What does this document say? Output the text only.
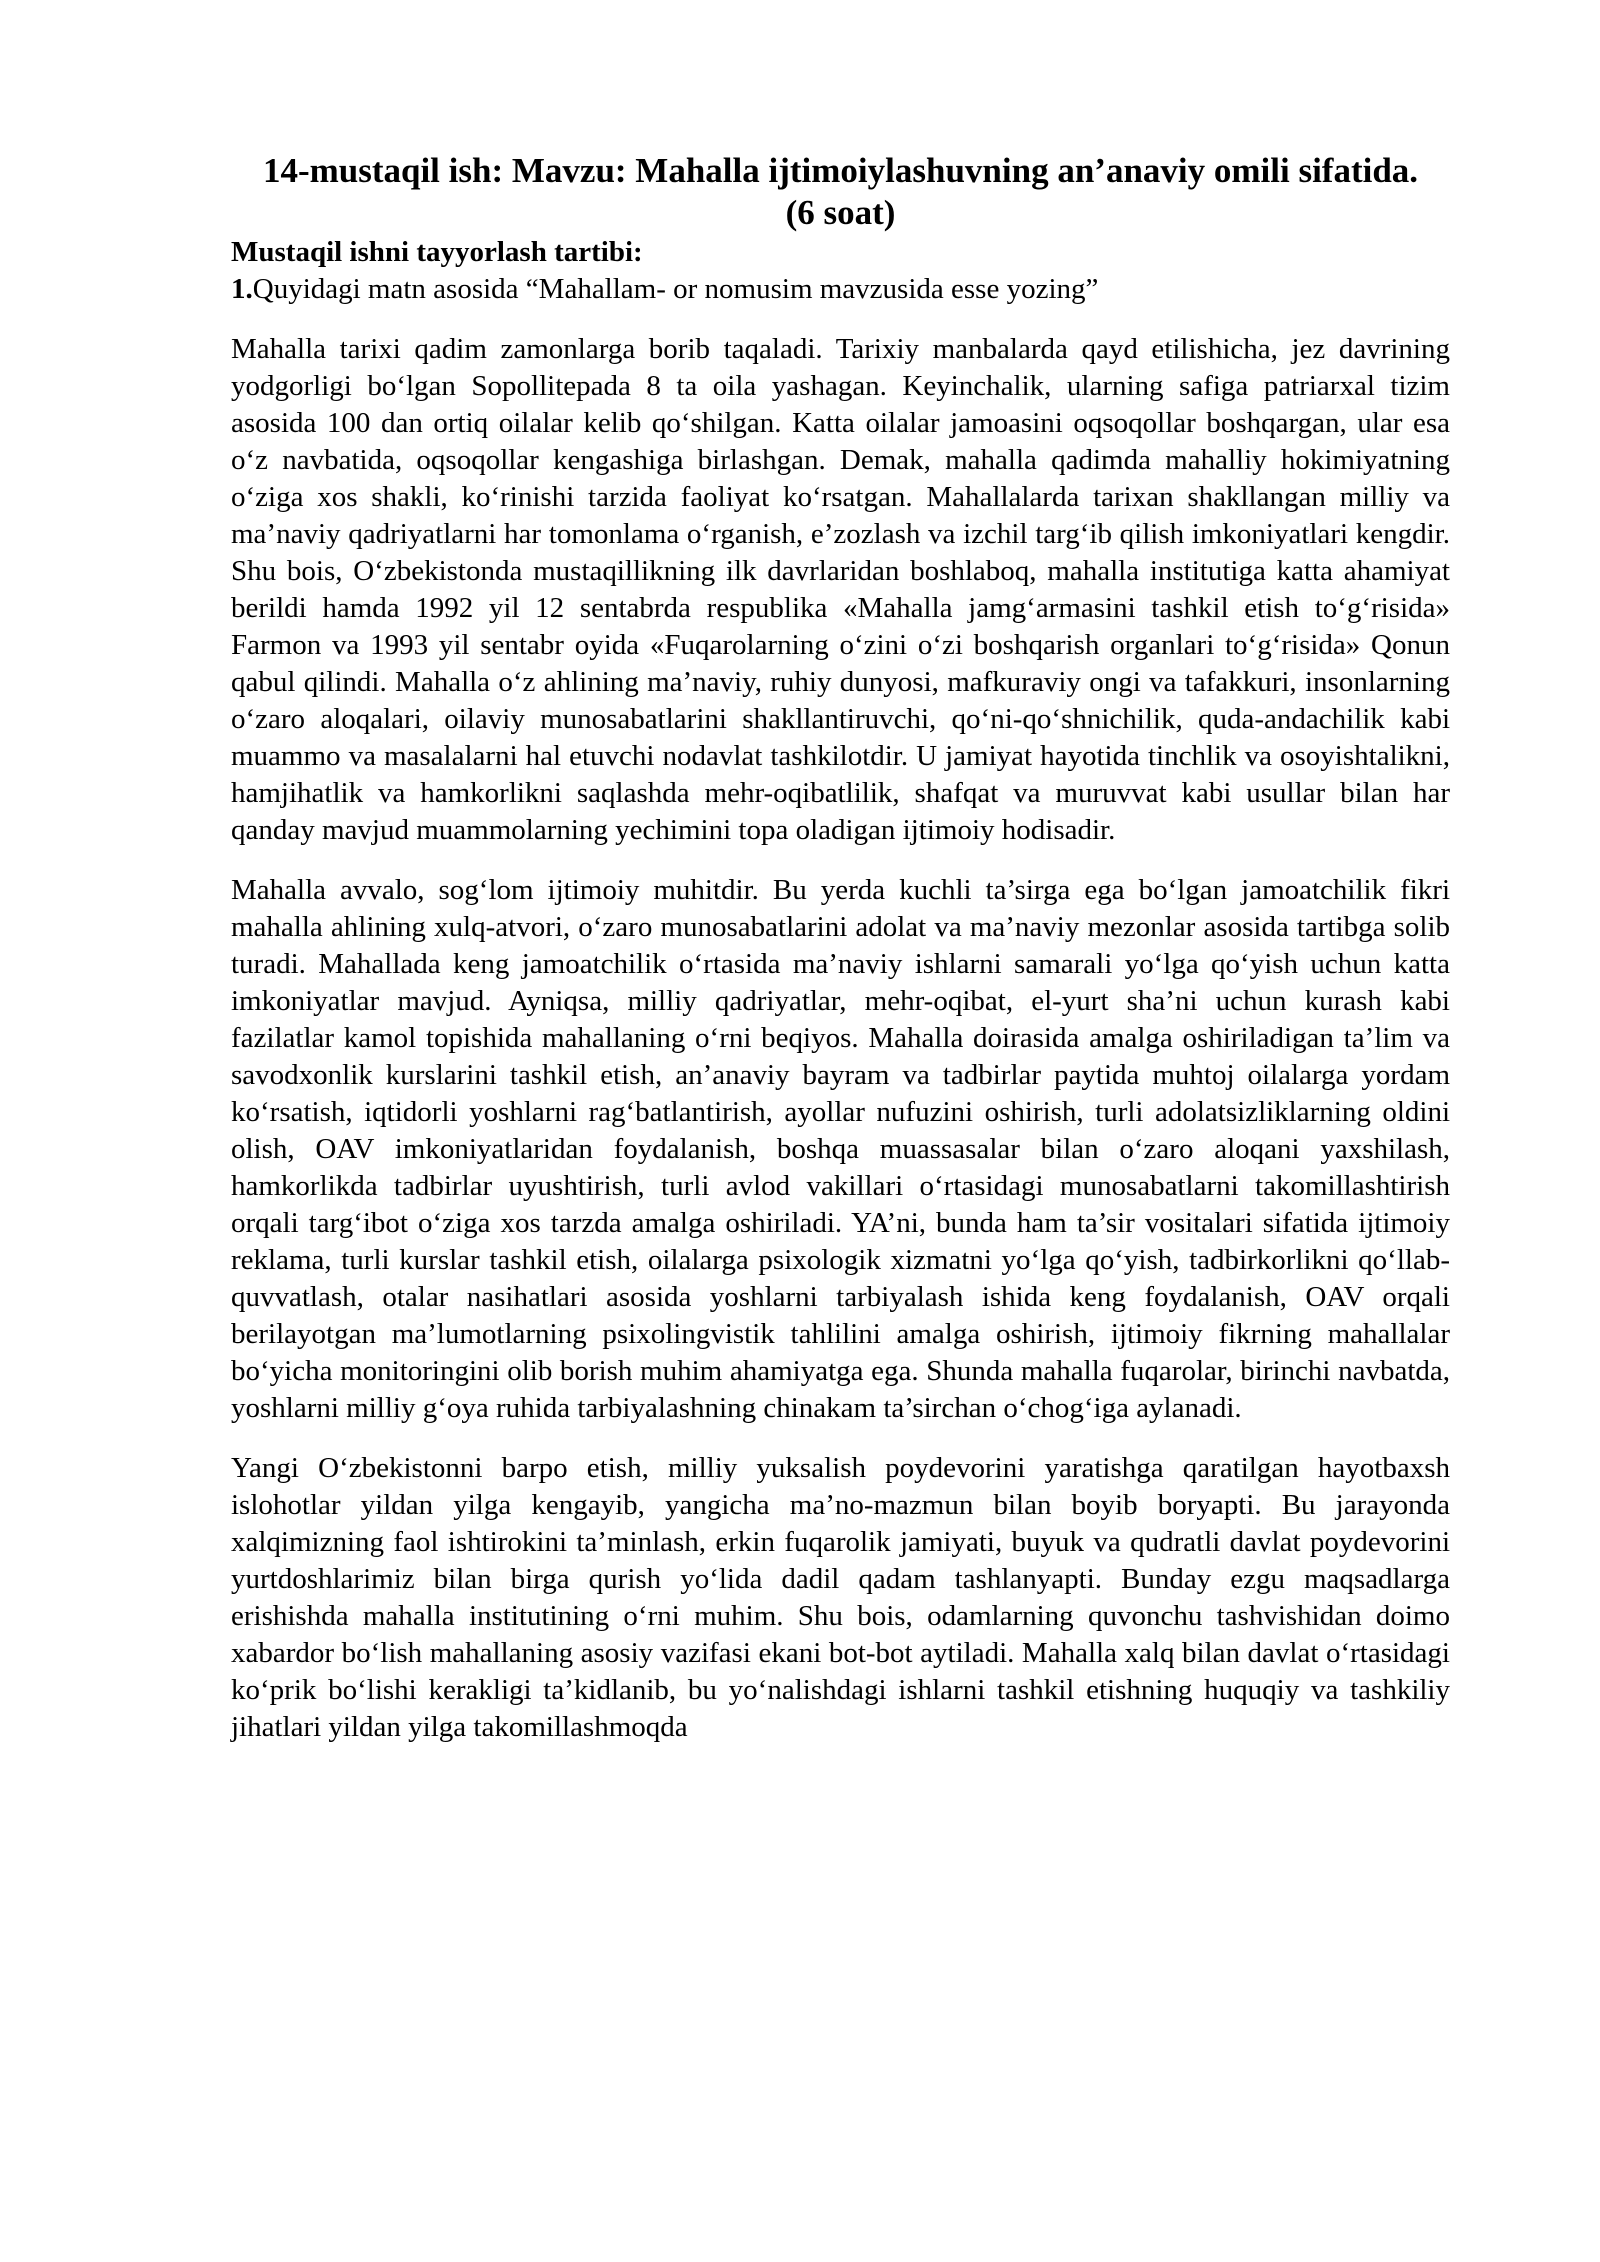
14-mustaqil ish: Mavzu: Mahalla ijtimoiylashuvning an’anaviy omili sifatida.
(6 soat)

Mustaqil ishni tayyorlash tartibi:

1.Quyidagi matn asosida “Mahallam- or nomusim mavzusida esse yozing”

Mahalla tarixi qadim zamonlarga borib taqaladi. Tarixiy manbalarda qayd etilishicha, jez davrining yodgorligi bo‘lgan Sopollitepada 8 ta oila yashagan. Keyinchalik, ularning safiga patriarxal tizim asosida 100 dan ortiq oilalar kelib qo‘shilgan. Katta oilalar jamoasini oqsoqollar boshqargan, ular esa o‘z navbatida, oqsoqollar kengashiga birlashgan. Demak, mahalla qadimda mahalliy hokimiyatning o‘ziga xos shakli, ko‘rinishi tarzida faoliyat ko‘rsatgan. Mahallalarda tarixan shakllangan milliy va ma’naviy qadriyatlarni har tomonlama o‘rganish, e’zozlash va izchil targ‘ib qilish imkoniyatlari kengdir. Shu bois, O‘zbekistonda mustaqillikning ilk davrlaridan boshlaboq, mahalla institutiga katta ahamiyat berildi hamda 1992 yil 12 sentabrda respublika «Mahalla jamg‘armasini tashkil etish to‘g‘risida» Farmon va 1993 yil sentabr oyida «Fuqarolarning o‘zini o‘zi boshqarish organlari to‘g‘risida» Qonun qabul qilindi. Mahalla o‘z ahlining ma’naviy, ruhiy dunyosi, mafkuraviy ongi va tafakkuri, insonlarning o‘zaro aloqalari, oilaviy munosabatlarini shakllantiruvchi, qo‘ni-qo‘shnichilik, quda-andachilik kabi muammo va masalalarni hal etuvchi nodavlat tashkilotdir. U jamiyat hayotida tinchlik va osoyishtalikni, hamjihatlik va hamkorlikni saqlashda mehr-oqibatlilik, shafqat va muruvvat kabi usullar bilan har qanday mavjud muammolarning yechimini topa oladigan ijtimoiy hodisadir.

Mahalla avvalo, sog‘lom ijtimoiy muhitdir. Bu yerda kuchli ta’sirga ega bo‘lgan jamoatchilik fikri mahalla ahlining xulq-atvori, o‘zaro munosabatlarini adolat va ma’naviy mezonlar asosida tartibga solib turadi. Mahallada keng jamoatchilik o‘rtasida ma’naviy ishlarni samarali yo‘lga qo‘yish uchun katta imkoniyatlar mavjud. Ayniqsa, milliy qadriyatlar, mehr-oqibat, el-yurt sha’ni uchun kurash kabi fazilatlar kamol topishida mahallaning o‘rni beqiyos. Mahalla doirasida amalga oshiriladigan ta’lim va savodxonlik kurslarini tashkil etish, an’anaviy bayram va tadbirlar paytida muhtoj oilalarga yordam ko‘rsatish, iqtidorli yoshlarni rag‘batlantirish, ayollar nufuzini oshirish, turli adolatsizliklarning oldini olish, OAV imkoniyatlaridan foydalanish, boshqa muassasalar bilan o‘zaro aloqani yaxshilash, hamkorlikda tadbirlar uyushtirish, turli avlod vakillari o‘rtasidagi munosabatlarni takomillashtirish orqali targ‘ibot o‘ziga xos tarzda amalga oshiriladi. YA’ni, bunda ham ta’sir vositalari sifatida ijtimoiy reklama, turli kurslar tashkil etish, oilalarga psixologik xizmatni yo‘lga qo‘yish, tadbirkorlikni qo‘llab-quvvatlash, otalar nasihatlari asosida yoshlarni tarbiyalash ishida keng foydalanish, OAV orqali berilayotgan ma’lumotlarning psixolingvistik tahlilini amalga oshirish, ijtimoiy fikrning mahallalar bo‘yicha monitoringini olib borish muhim ahamiyatga ega. Shunda mahalla fuqarolar, birinchi navbatda, yoshlarni milliy g‘oya ruhida tarbiyalashning chinakam ta’sirchan o‘chog‘iga aylanadi.

Yangi O‘zbekistonni barpo etish, milliy yuksalish poydevorini yaratishga qaratilgan hayotbaxsh islohotlar yildan yilga kengayib, yangicha ma’no-mazmun bilan boyib boryapti. Bu jarayonda xalqimizning faol ishtirokini ta’minlash, erkin fuqarolik jamiyati, buyuk va qudratli davlat poydevorini yurtdoshlarimiz bilan birga qurish yo‘lida dadil qadam tashlanyapti. Bunday ezgu maqsadlarga erishishda mahalla institutining o‘rni muhim. Shu bois, odamlarning quvonchu tashvishidan doimo xabardor bo‘lish mahallaning asosiy vazifasi ekani bot-bot aytiladi. Mahalla xalq bilan davlat o‘rtasidagi ko‘prik bo‘lishi kerakligi ta’kidlanib, bu yo‘nalishdagi ishlarni tashkil etishning huquqiy va tashkiliy jihatlari yildan yilga takomillashmoqda
